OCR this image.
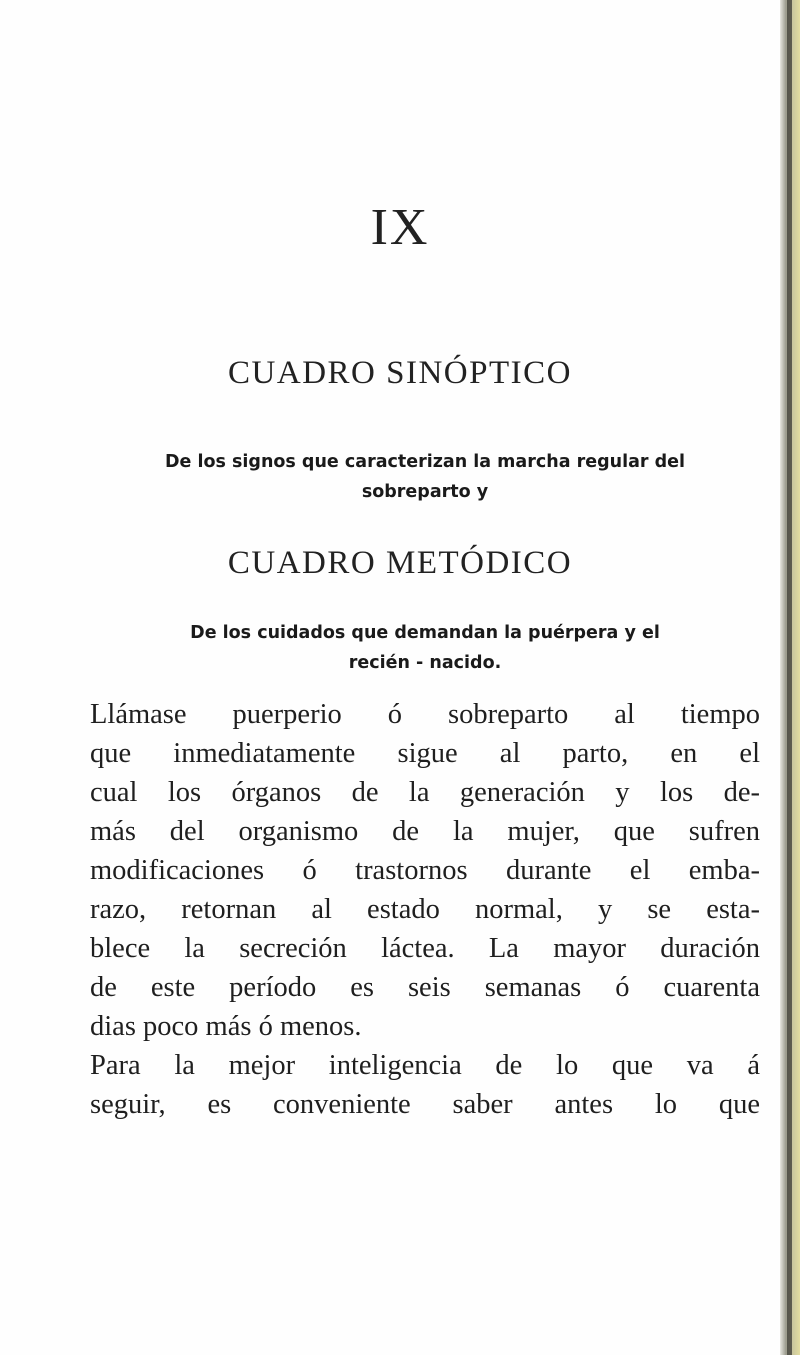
IX
CUADRO SINÓPTICO
De los signos que caracterizan la marcha regular del
sobreparto y
CUADRO METÓDICO
De los cuidados que demandan la puérpera y el
recién - nacido.
Llámase puerperio ó sobreparto al tiempo
que inmediatamente sigue al parto, en el
cual los órganos de la generación y los de-
más del organismo de la mujer, que sufren
modificaciones ó trastornos durante el emba-
razo, retornan al estado normal, y se esta-
blece la secreción láctea. La mayor duración
de este período es seis semanas ó cuarenta
dias poco más ó menos.
Para la mejor inteligencia de lo que va á
seguir, es conveniente saber antes lo que
